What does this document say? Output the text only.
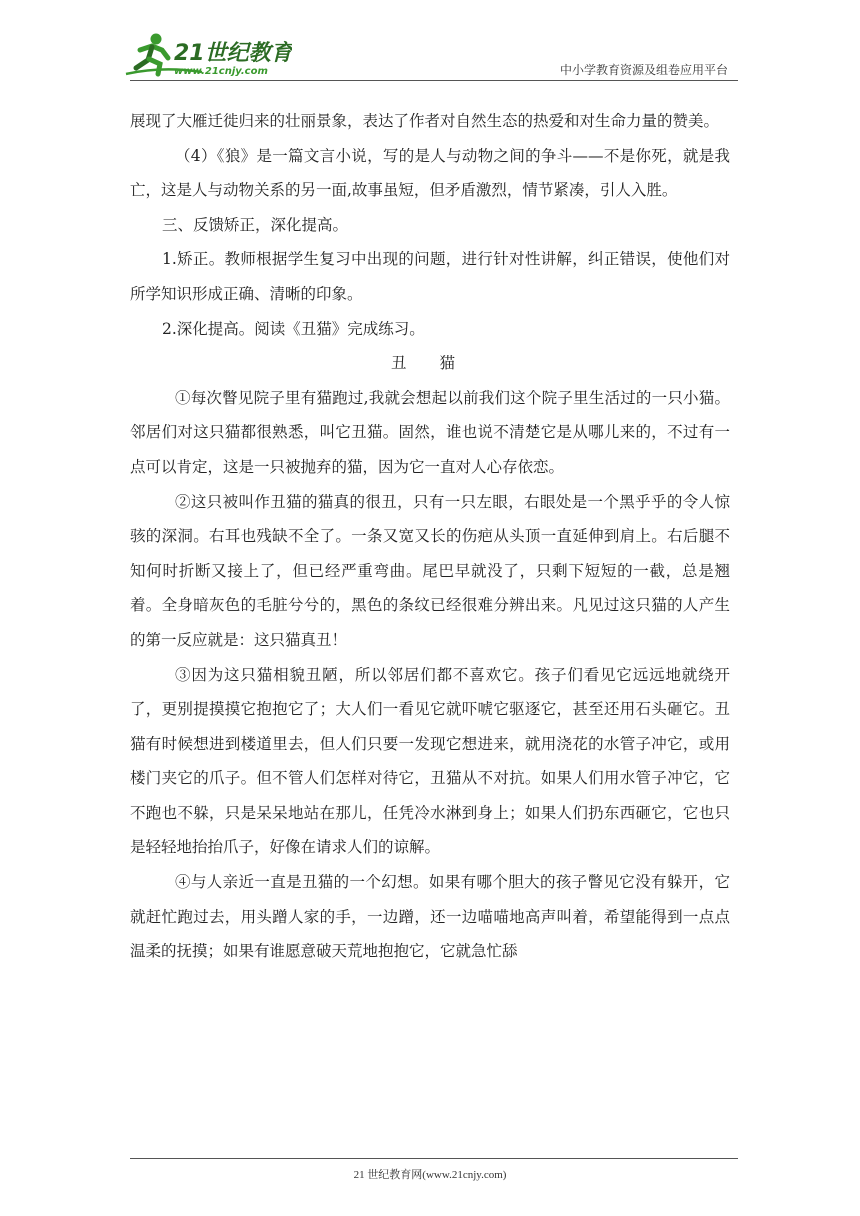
21世纪教育
www.21cnjy.com	中小学教育资源及组卷应用平台

展现了大雁迁徙归来的壮丽景象，表达了作者对自然生态的热爱和对生命力量的赞美。

（4）《狼》是一篇文言小说，写的是人与动物之间的争斗——不是你死，就是我亡，这是人与动物关系的另一面,故事虽短，但矛盾激烈，情节紧凑，引人入胜。

三、反馈矫正，深化提高。

1.矫正。教师根据学生复习中出现的问题，进行针对性讲解，纠正错误，使他们对所学知识形成正确、清晰的印象。

2.深化提高。阅读《丑猫》完成练习。

丑 猫

①每次瞥见院子里有猫跑过,我就会想起以前我们这个院子里生活过的一只小猫。邻居们对这只猫都很熟悉，叫它丑猫。固然，谁也说不清楚它是从哪儿来的，不过有一点可以肯定，这是一只被抛弃的猫，因为它一直对人心存依恋。

②这只被叫作丑猫的猫真的很丑，只有一只左眼，右眼处是一个黑乎乎的令人惊骇的深洞。右耳也残缺不全了。一条又宽又长的伤疤从头顶一直延伸到肩上。右后腿不知何时折断又接上了，但已经严重弯曲。尾巴早就没了，只剩下短短的一截，总是翘着。全身暗灰色的毛脏兮兮的，黑色的条纹已经很难分辨出来。凡见过这只猫的人产生的第一反应就是：这只猫真丑！

③因为这只猫相貌丑陋，所以邻居们都不喜欢它。孩子们看见它远远地就绕开了，更别提摸摸它抱抱它了；大人们一看见它就吓唬它驱逐它，甚至还用石头砸它。丑猫有时候想进到楼道里去，但人们只要一发现它想进来，就用浇花的水管子冲它，或用楼门夹它的爪子。但不管人们怎样对待它，丑猫从不对抗。如果人们用水管子冲它，它不跑也不躲，只是呆呆地站在那儿，任凭冷水淋到身上；如果人们扔东西砸它，它也只是轻轻地抬抬爪子，好像在请求人们的谅解。

④与人亲近一直是丑猫的一个幻想。如果有哪个胆大的孩子瞥见它没有躲开，它就赶忙跑过去，用头蹭人家的手，一边蹭，还一边喵喵地高声叫着，希望能得到一点点温柔的抚摸；如果有谁愿意破天荒地抱抱它，它就急忙舔

21 世纪教育网(www.21cnjy.com)
